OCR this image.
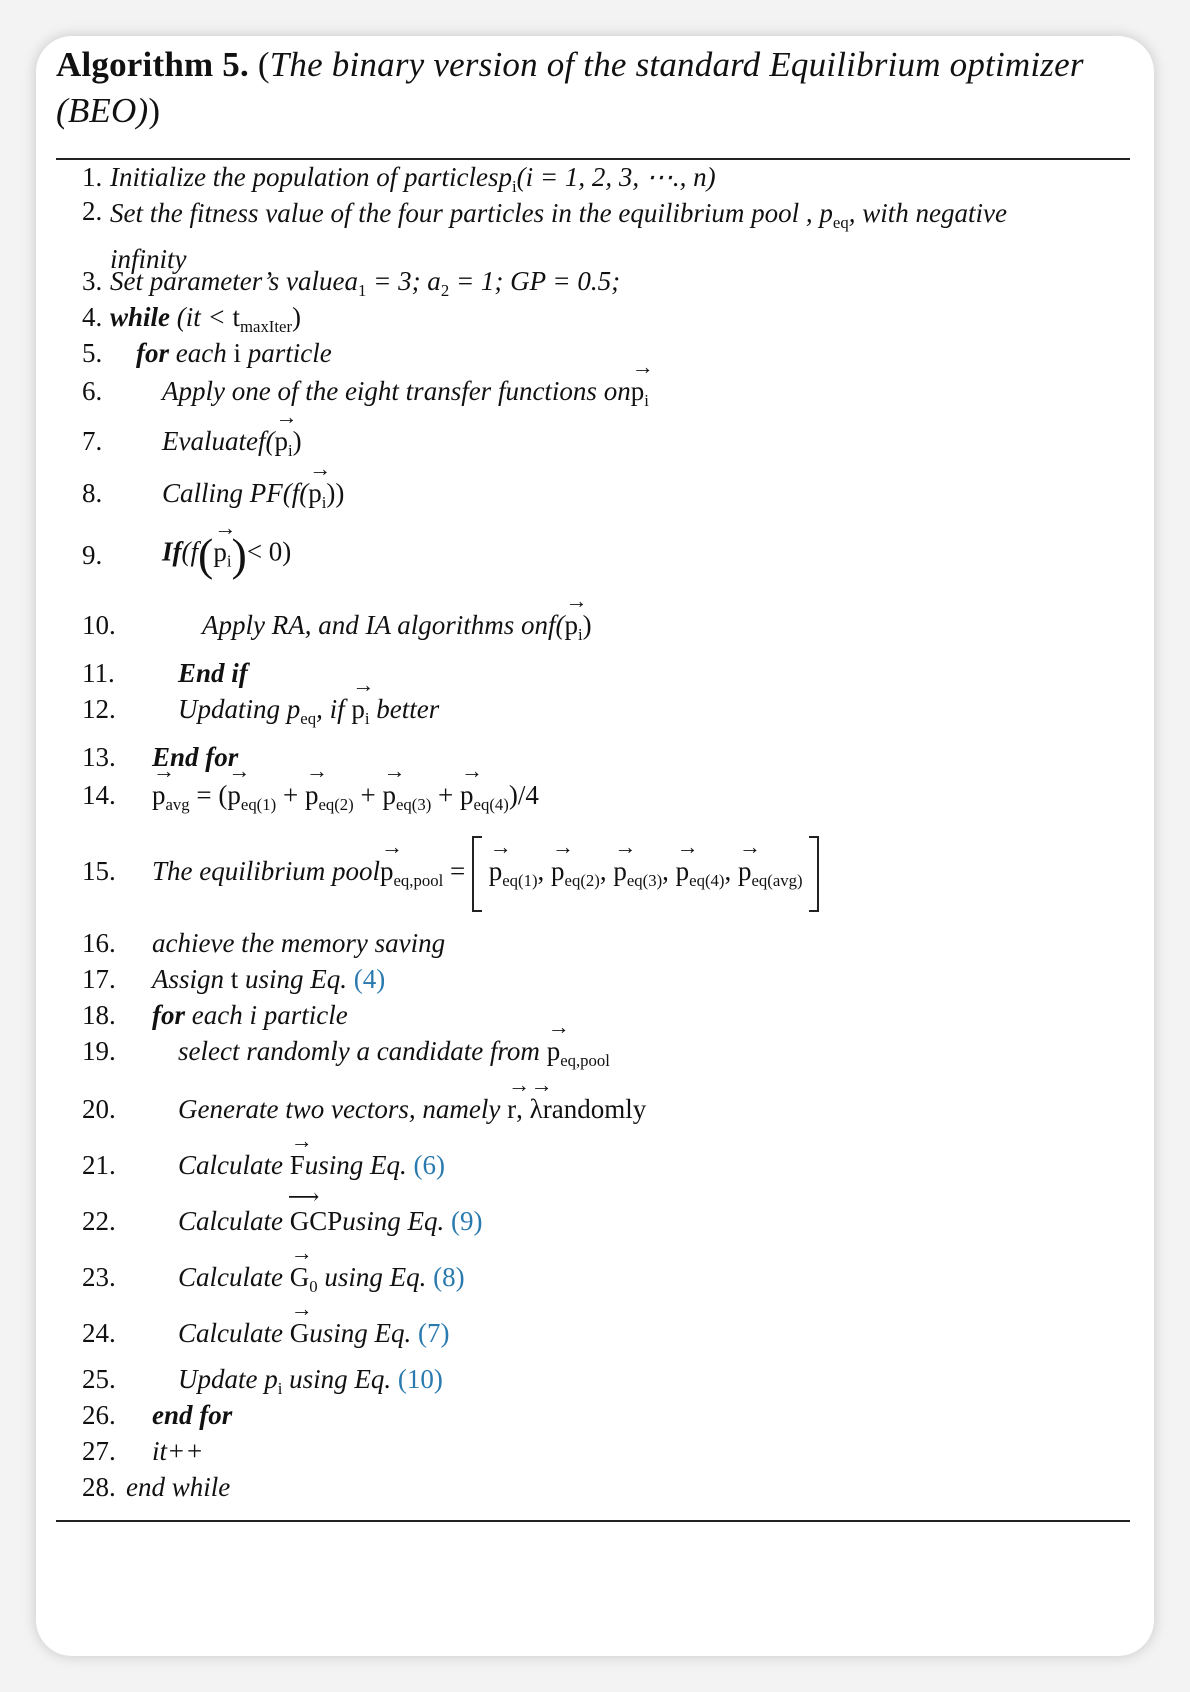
Algorithm 5. (The binary version of the standard Equilibrium optimizer (BEO))
1. Initialize the population of particlesp$_i$(i = 1, 2, 3, ⋯., n)
2. Set the fitness value of the four particles in the equilibrium pool , $p_{eq}$, with negative infinity
3. Set parameter’s valuea$_1$ = 3; $a_2 = 1$; GP = 0.5;
4. while $(it < t_{maxIter})$
5. for each i particle
6. Apply one of the eight transfer functions $on\to p_i$
7. Evaluatef(→ $p_i$)
8. Calling $PF(f(\to p_i))$
9. $If(f(\to p_i)< 0)$
10.	Apply RA, and IA algorithms $onf(\to p_i)$
11. End if
12. Updating $p_{eq}$, if → $p_i$ better
13. End for
14.
→ $p_{avg}$ = (→ $p_{eq(1)}$ + → $p_{eq(2)}$ + → $p_{eq(3)}$ + → $p_{eq(4)})/4$
15. The equilibrium pool→ $p_{eq,pool}$ =  → $p_{eq(1)}$, → $p_{eq(2)}$, → $p_{eq(3)}$, → $p_{eq(4)}$, → $p_{eq(avg)}$
16. achieve the memory saving
17. Assign t using Eq. (4)
18. for each i particle
19. select randomly a candidate from → $p_{eq,pool}$
20. Generate two vectors, namely → r, → λrandomly
21. Calculate → Fusing Eq. (6)
22. Calculate ⟶ GCPusing Eq. (9)
23. Calculate → $G_0$ using Eq. (8)
24. Calculate → Gusing Eq. (7)
25. Update $p_i$ using Eq. (10)
26. end for
27. it++
28. end while
